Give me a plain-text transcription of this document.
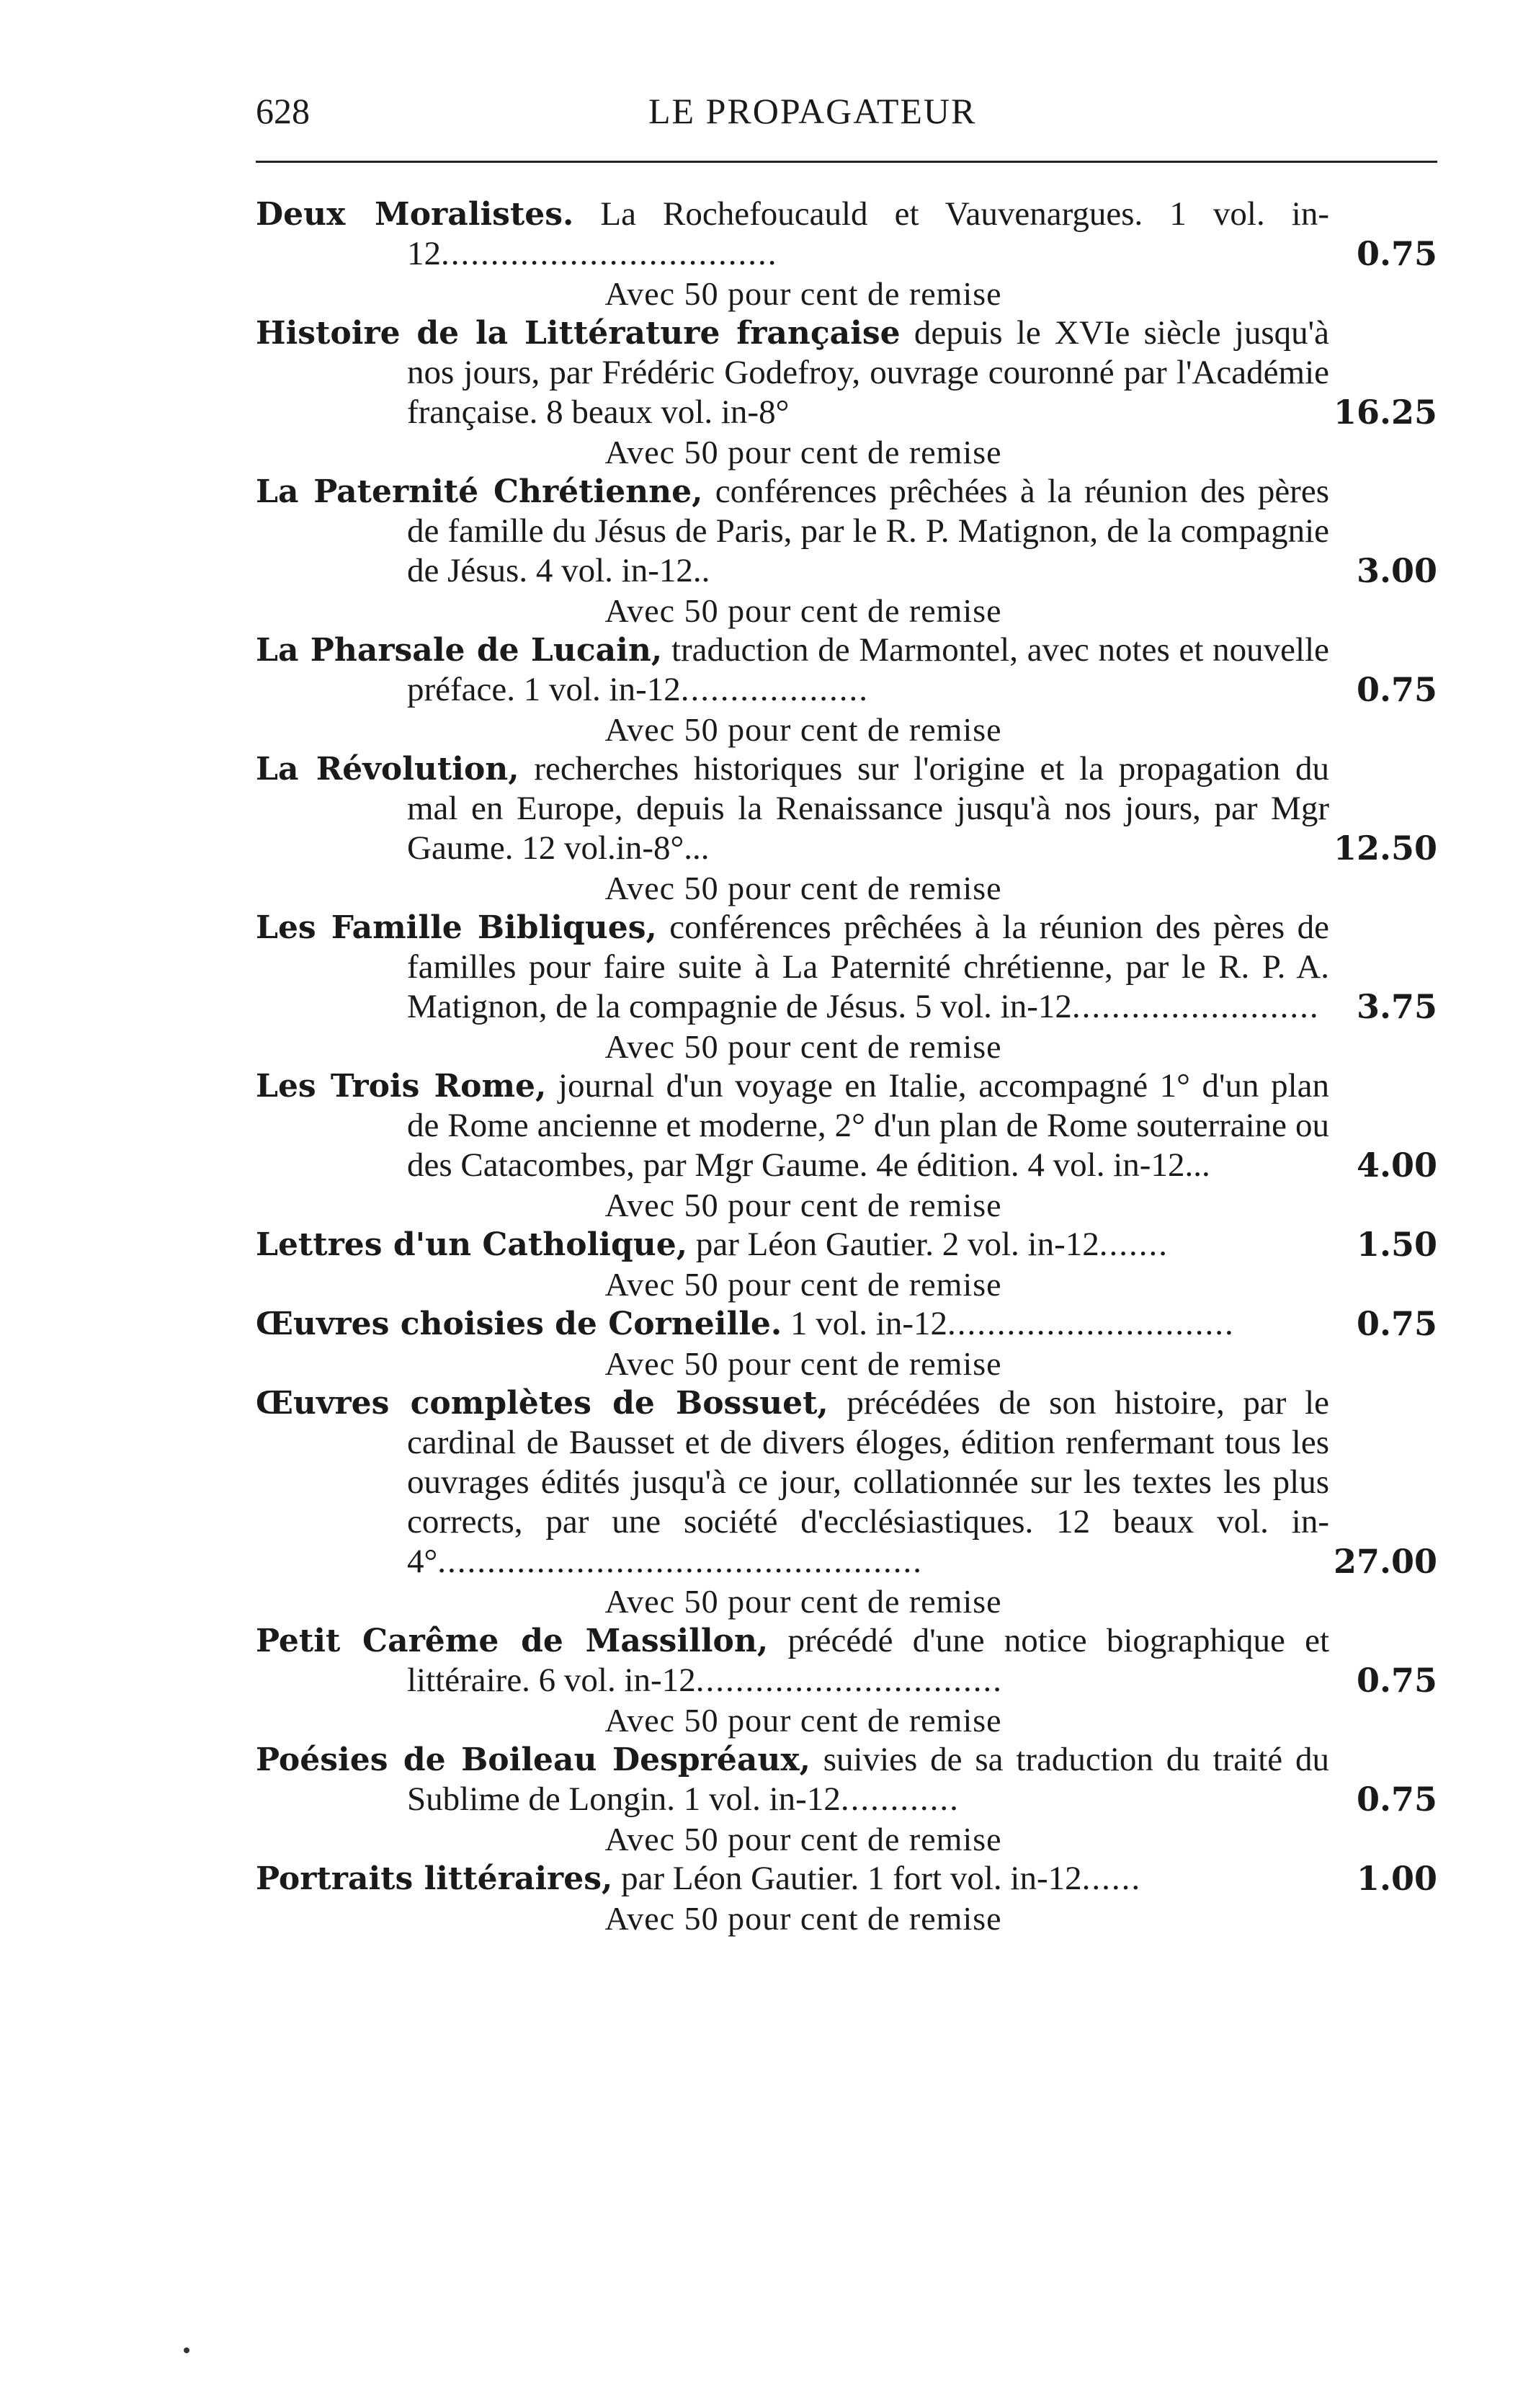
628	LE PROPAGATEUR
Deux Moralistes. La Rochefoucauld et Vauvenargues. 1 vol. in-12..................................	0.75
Avec 50 pour cent de remise
Histoire de la Littérature française depuis le XVIe siècle jusqu'à nos jours, par Frédéric Godefroy, ouvrage couronné par l'Académie française. 8 beaux vol. in-8°	16.25
Avec 50 pour cent de remise
La Paternité Chrétienne, conférences prêchées à la réunion des pères de famille du Jésus de Paris, par le R. P. Matignon, de la compagnie de Jésus. 4 vol. in-12..	3.00
Avec 50 pour cent de remise
La Pharsale de Lucain, traduction de Marmontel, avec notes et nouvelle préface. 1 vol. in-12...................	0.75
Avec 50 pour cent de remise
La Révolution, recherches historiques sur l'origine et la propagation du mal en Europe, depuis la Renaissance jusqu'à nos jours, par Mgr Gaume. 12 vol.in-8°...	12.50
Avec 50 pour cent de remise
Les Famille Bibliques, conférences prêchées à la réunion des pères de familles pour faire suite à La Paternité chrétienne, par le R. P. A. Matignon, de la compagnie de Jésus. 5 vol. in-12.........................	3.75
Avec 50 pour cent de remise
Les Trois Rome, journal d'un voyage en Italie, accompagné 1° d'un plan de Rome ancienne et moderne, 2° d'un plan de Rome souterraine ou des Catacombes, par Mgr Gaume. 4e édition. 4 vol. in-12...	4.00
Avec 50 pour cent de remise
Lettres d'un Catholique, par Léon Gautier. 2 vol. in-12.......	1.50
Avec 50 pour cent de remise
Œuvres choisies de Corneille. 1 vol. in-12.............................	0.75
Avec 50 pour cent de remise
Œuvres complètes de Bossuet, précédées de son histoire, par le cardinal de Bausset et de divers éloges, édition renfermant tous les ouvrages édités jusqu'à ce jour, collationnée sur les textes les plus corrects, par une société d'ecclésiastiques. 12 beaux vol. in-4°.................................................	27.00
Avec 50 pour cent de remise
Petit Carême de Massillon, précédé d'une notice biographique et littéraire. 6 vol. in-12...............................	0.75
Avec 50 pour cent de remise
Poésies de Boileau Despréaux, suivies de sa traduction du traité du Sublime de Longin. 1 vol. in-12............	0.75
Avec 50 pour cent de remise
Portraits littéraires, par Léon Gautier. 1 fort vol. in-12......	1.00
Avec 50 pour cent de remise
